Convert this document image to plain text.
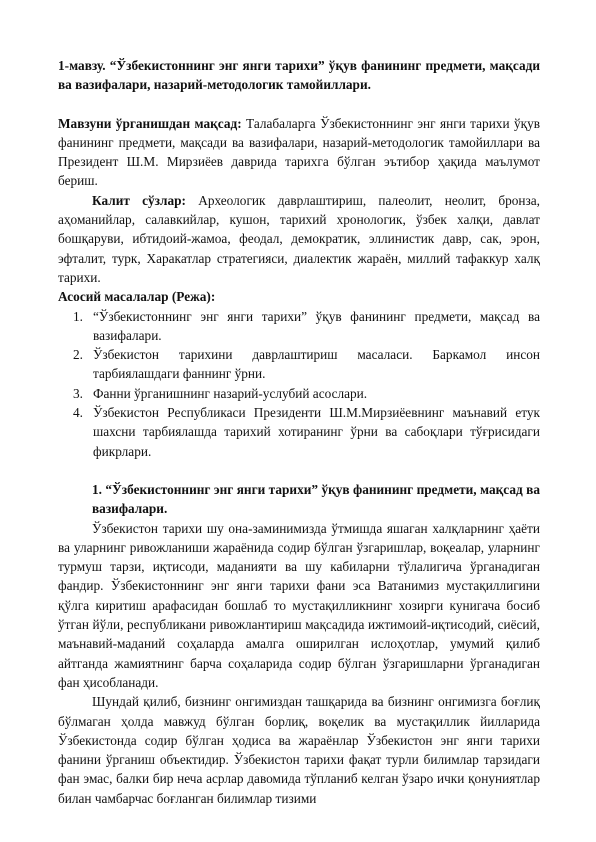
1-мавзу. “Ўзбекистоннинг энг янги тарихи” ўқув фанининг предмети, мақсади ва вазифалари, назарий-методологик тамойиллари.

Мавзуни ўрганишдан мақсад: Талабаларга Ўзбекистоннинг энг янги тарихи ўқув фанининг предмети, мақсади ва вазифалари, назарий-методологик тамойиллари ва Президент Ш.М. Мирзиёев даврида тарихга бўлган эътибор ҳақида маълумот бериш.

Калит сўзлар: Археологик даврлаштириш, палеолит, неолит, бронза, аҳоманийлар, салавкийлар, кушон, тарихий хронологик, ўзбек халқи, давлат бошқаруви, ибтидоий-жамоа, феодал, демократик, эллинистик давр, сак, эрон, эфталит, турк, Харакатлар стратегияси, диалектик жараён, миллий тафаккур халқ тарихи.

Асосий масалалар (Режа):

1. “Ўзбекистоннинг энг янги тарихи” ўқув фанининг предмети, мақсад ва вазифалари.
2. Ўзбекистон тарихини даврлаштириш масаласи. Баркамол инсон тарбиялашдаги фаннинг ўрни.
3. Фанни ўрганишнинг назарий-услубий асослари.
4. Ўзбекистон Республикаси Президенти Ш.М.Мирзиёевнинг маънавий етук шахсни тарбиялашда тарихий хотиранинг ўрни ва сабоқлари тўғрисидаги фикрлари.

1. “Ўзбекистоннинг энг янги тарихи” ўқув фанининг предмети, мақсад ва вазифалари.

Ўзбекистон тарихи шу она-заминимизда ўтмишда яшаган халқларнинг ҳаёти ва уларнинг ривожланиши жараёнида содир бўлган ўзгаришлар, воқеалар, уларнинг турмуш тарзи, иқтисоди, маданияти ва шу кабиларни тўлалигича ўрганадиган фандир. Ўзбекистоннинг энг янги тарихи фани эса Ватанимиз мустақиллигини қўлга киритиш арафасидан бошлаб то мустақилликнинг хозирги кунигача босиб ўтган йўли, республикани ривожлантириш мақсадида ижтимоий-иқтисодий, сиёсий, маънавий-маданий соҳаларда амалга оширилган ислоҳотлар, умумий қилиб айтганда жамиятнинг барча соҳаларида содир бўлган ўзгаришларни ўрганадиган фан ҳисобланади.

Шундай қилиб, бизнинг онгимиздан ташқарида ва бизнинг онгимизга боғлиқ бўлмаган ҳолда мавжуд бўлган борлиқ, воқелик ва мустақиллик йилларида Ўзбекистонда содир бўлган ҳодиса ва жараёнлар Ўзбекистон энг янги тарихи фанини ўрганиш объектидир. Ўзбекистон тарихи фақат турли билимлар тарзидаги фан эмас, балки бир неча асрлар давомида тўпланиб келган ўзаро ички қонуниятлар билан чамбарчас боғланган билимлар тизими
